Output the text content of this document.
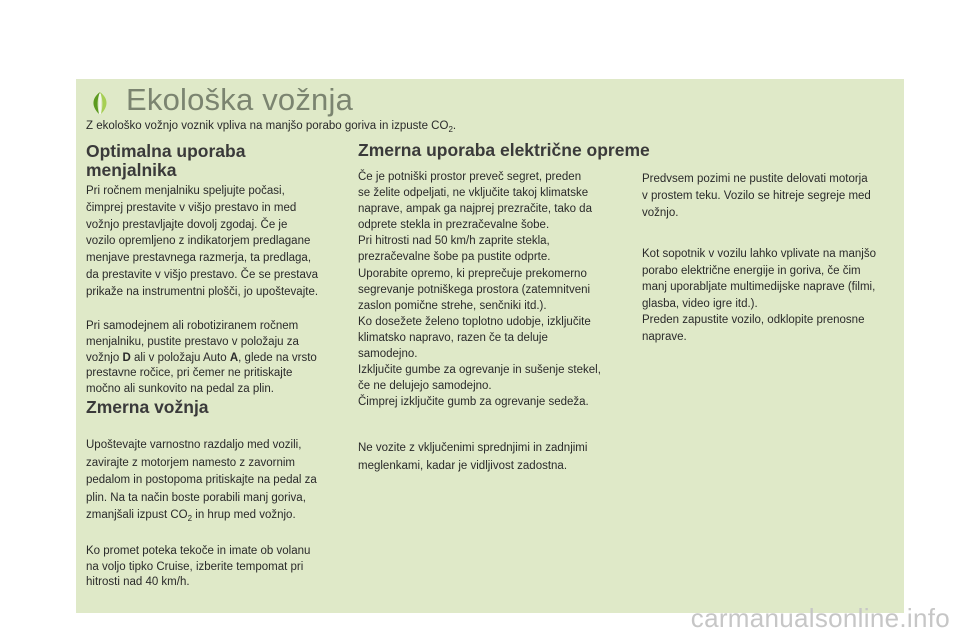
Ekološka vožnja
Z ekološko vožnjo voznik vpliva na manjšo porabo goriva in izpuste $CO_2$.
Optimalna uporaba menjalnika

Pri ročnem menjalniku speljujte počasi,
čimprej prestavite v višjo prestavo in med
vožnjo prestavljajte dovolj zgodaj. Če je
vozilo opremljeno z indikatorjem predlagane
menjave prestavnega razmerja, ta predlaga,
da prestavite v višjo prestavo. Če se prestava
prikaže na instrumentni plošči, jo upoštevajte.

Pri samodejnem ali robotiziranem ročnem
menjalniku, pustite prestavo v položaju za
vožnjo D ali v položaju Auto A, glede na vrsto
prestavne ročice, pri čemer ne pritiskajte
močno ali sunkovito na pedal za plin.

Zmerna vožnja

Upoštevajte varnostno razdaljo med vozili,
zavirajte z motorjem namesto z zavornim
pedalom in postopoma pritiskajte na pedal za
plin. Na ta način boste porabili manj goriva,
zmanjšali izpust $CO_2$ in hrup med vožnjo.

Ko promet poteka tekoče in imate ob volanu
na voljo tipko Cruise, izberite tempomat pri
hitrosti nad 40 km/h.

Zmerna uporaba električne opreme

Če je potniški prostor preveč segret, preden
se želite odpeljati, ne vključite takoj klimatske
naprave, ampak ga najprej prezračite, tako da
odprete stekla in prezračevalne šobe.
Pri hitrosti nad 50 km/h zaprite stekla,
prezračevalne šobe pa pustite odprte.
Uporabite opremo, ki preprečuje prekomerno
segrevanje potniškega prostora (zatemnitveni
zaslon pomične strehe, senčniki itd.).
Ko dosežete želeno toplotno udobje, izključite
klimatsko napravo, razen če ta deluje
samodejno.
Izključite gumbe za ogrevanje in sušenje stekel,
če ne delujejo samodejno.
Čimprej izključite gumb za ogrevanje sedeža.

Ne vozite z vključenimi sprednjimi in zadnjimi
meglenkami, kadar je vidljivost zadostna.

Predvsem pozimi ne pustite delovati motorja
v prostem teku. Vozilo se hitreje segreje med
vožnjo.

Kot sopotnik v vozilu lahko vplivate na manjšo
porabo električne energije in goriva, če čim
manj uporabljate multimedijske naprave (filmi,
glasba, video igre itd.).
Preden zapustite vozilo, odklopite prenosne
naprave.

carmanualsonline.info
